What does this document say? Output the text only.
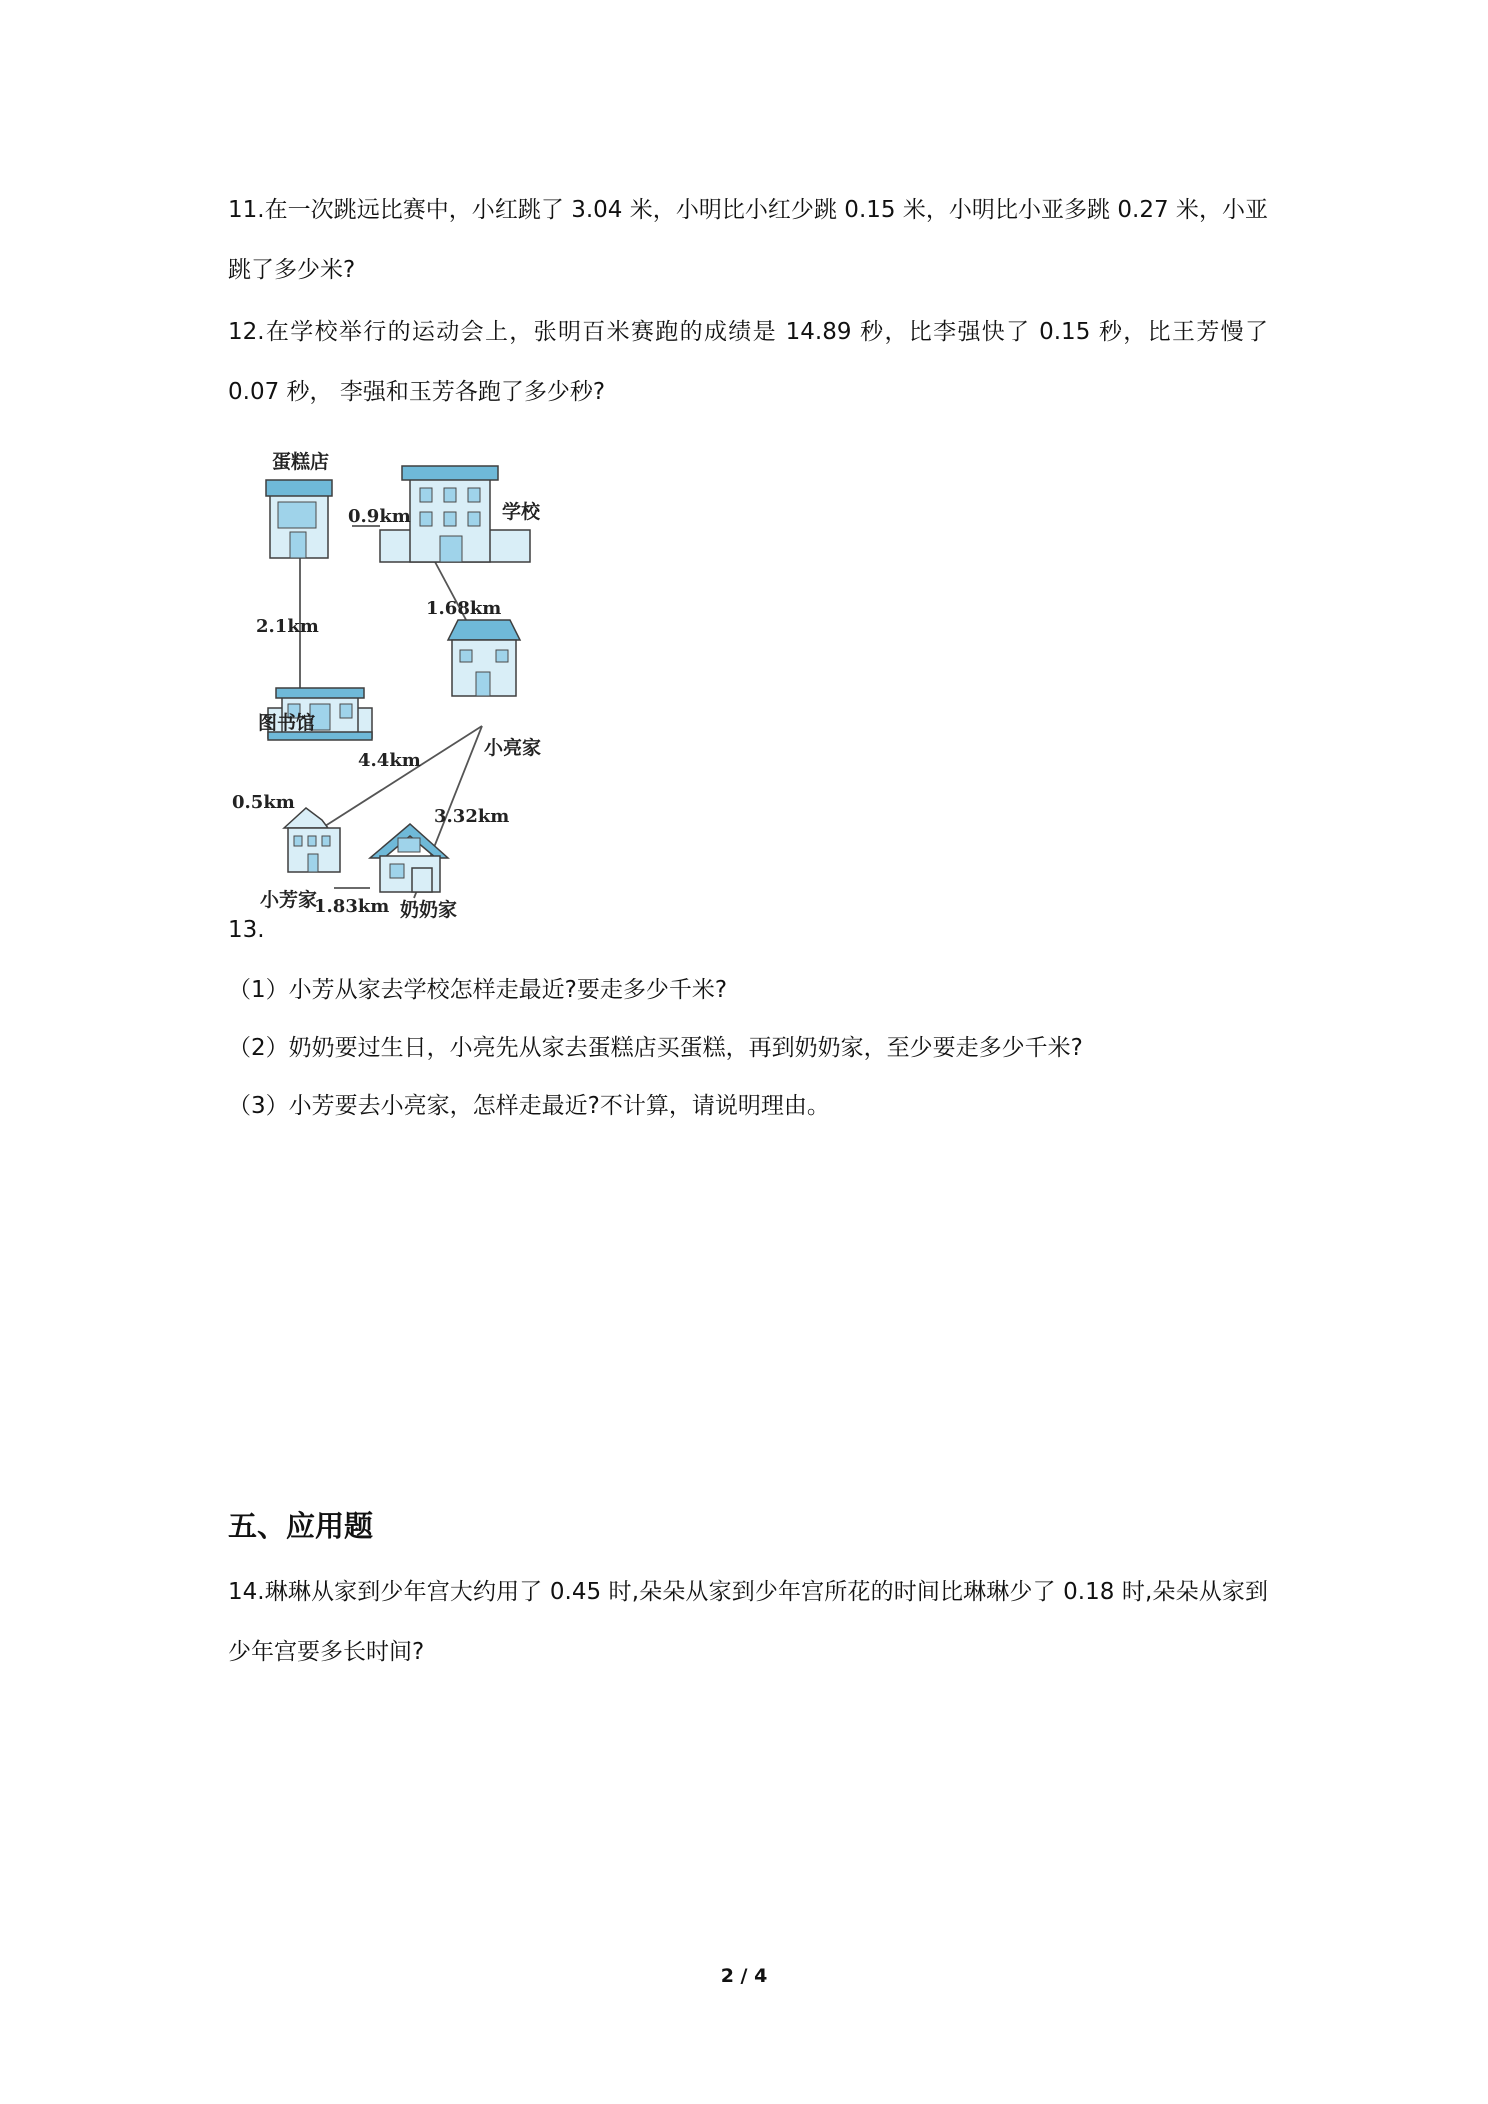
11.在一次跳远比赛中，小红跳了 3.04 米，小明比小红少跳 0.15 米，小明比小亚多跳 0.27 米，小亚跳了多少米?
12.在学校举行的运动会上，张明百米赛跑的成绩是 14.89 秒，比李强快了 0.15 秒，比王芳慢了 0.07 秒， 李强和玉芳各跑了多少秒?
蛋糕店
学校
图书馆
小亮家
小芳家	奶奶家
0.9km
1.68km
2.1km
4.4km
0.5km
3.32km
1.83km
13.
（1）小芳从家去学校怎样走最近?要走多少千米?
（2）奶奶要过生日，小亮先从家去蛋糕店买蛋糕，再到奶奶家，至少要走多少千米?
（3）小芳要去小亮家，怎样走最近?不计算，请说明理由。
五、应用题
14.琳琳从家到少年宫大约用了 0.45 时,朵朵从家到少年宫所花的时间比琳琳少了 0.18 时,朵朵从家到少年宫要多长时间?
2 / 4
